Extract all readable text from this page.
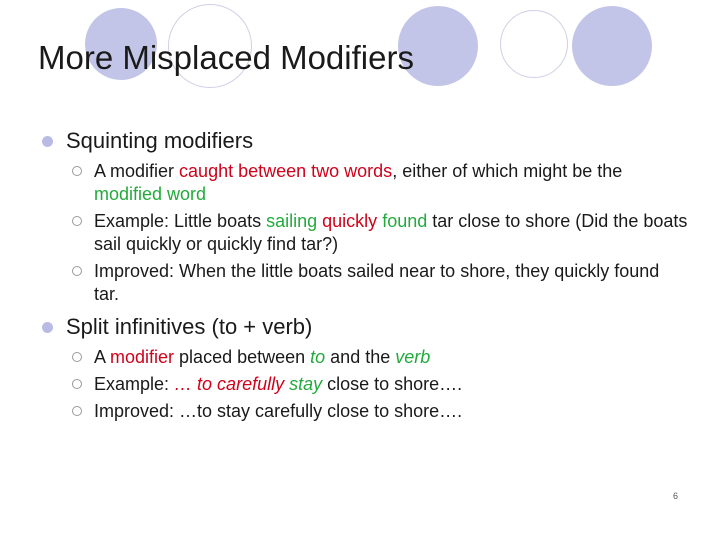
More Misplaced Modifiers
Squinting modifiers
A modifier caught between two words, either of which might be the modified word
Example: Little boats sailing quickly found tar close to shore (Did the boats sail quickly or quickly find tar?)
Improved: When the little boats sailed near to shore, they quickly found tar.
Split infinitives (to + verb)
A modifier placed between to and the verb
Example: … to carefully stay close to shore….
Improved: …to stay carefully close to shore….
6
